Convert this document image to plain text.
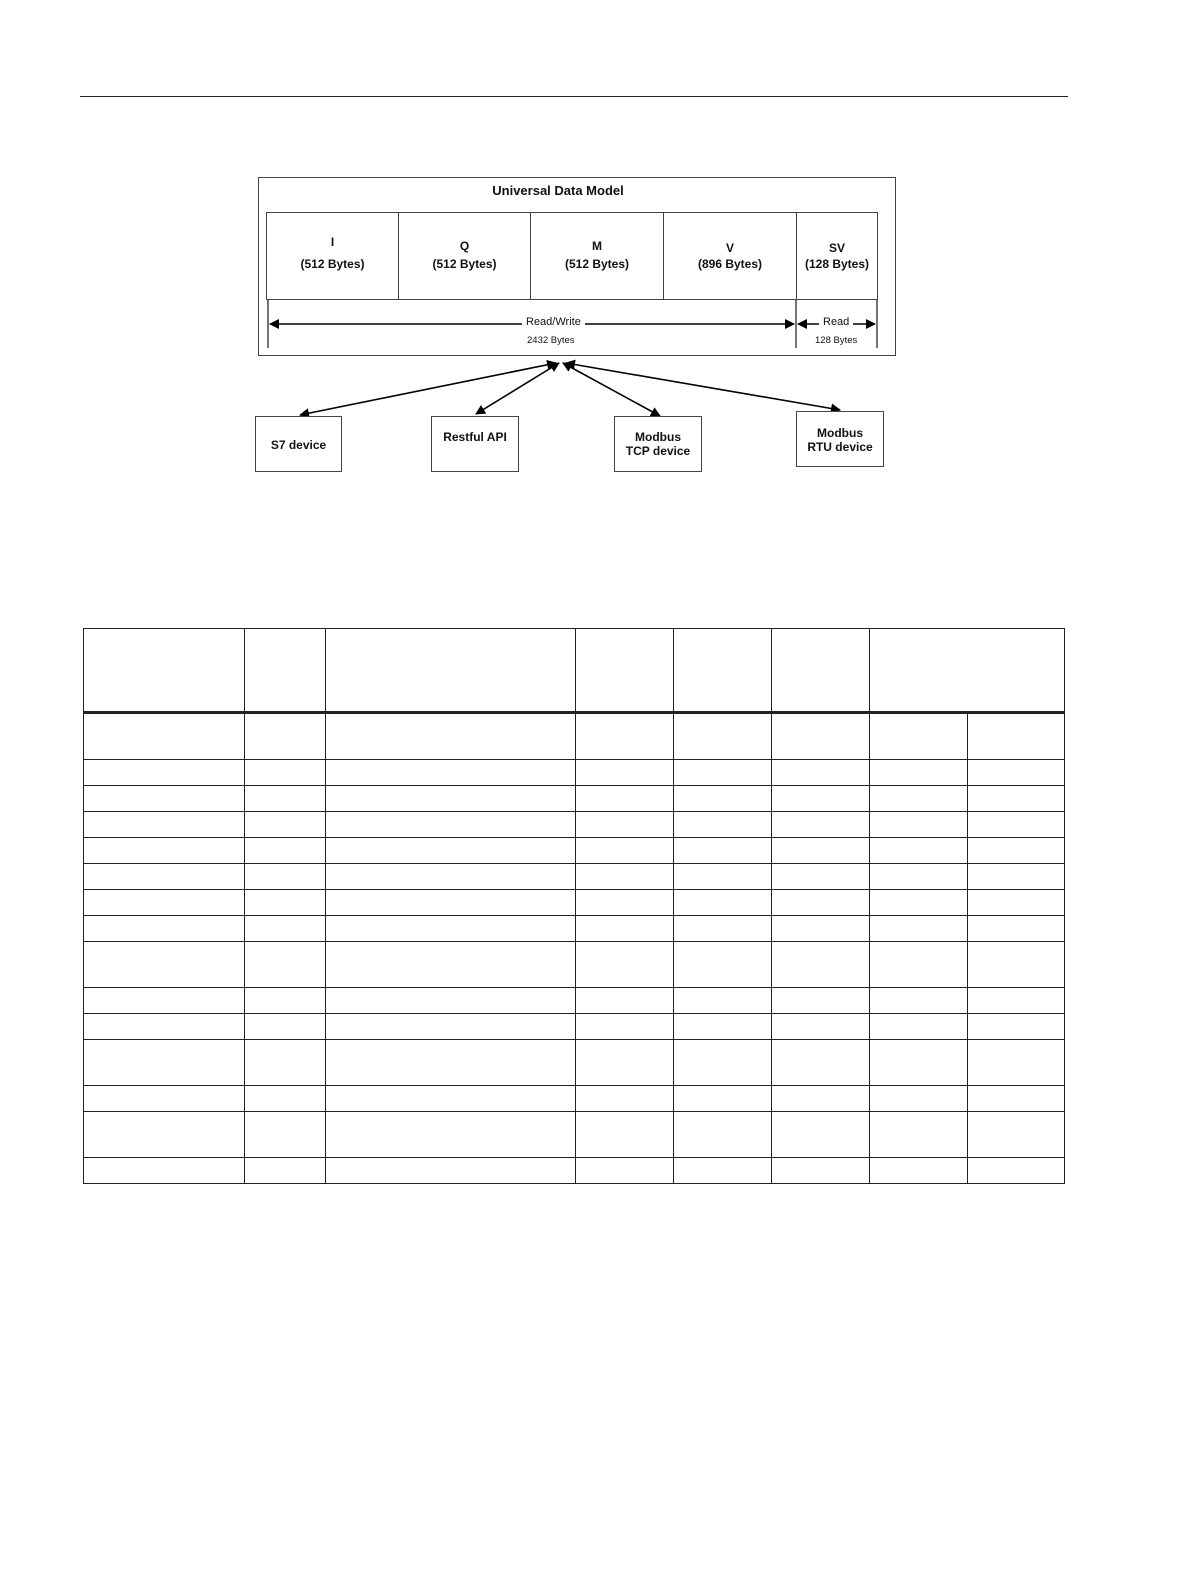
Universal Data Model
I
(512 Bytes)
Q
(512 Bytes)
M
(512 Bytes)
V
(896 Bytes)
SV
(128 Bytes)
Read/Write
2432 Bytes
Read
128 Bytes
S7 device
Restful API	Modbus TCP device
Modbus RTU device
